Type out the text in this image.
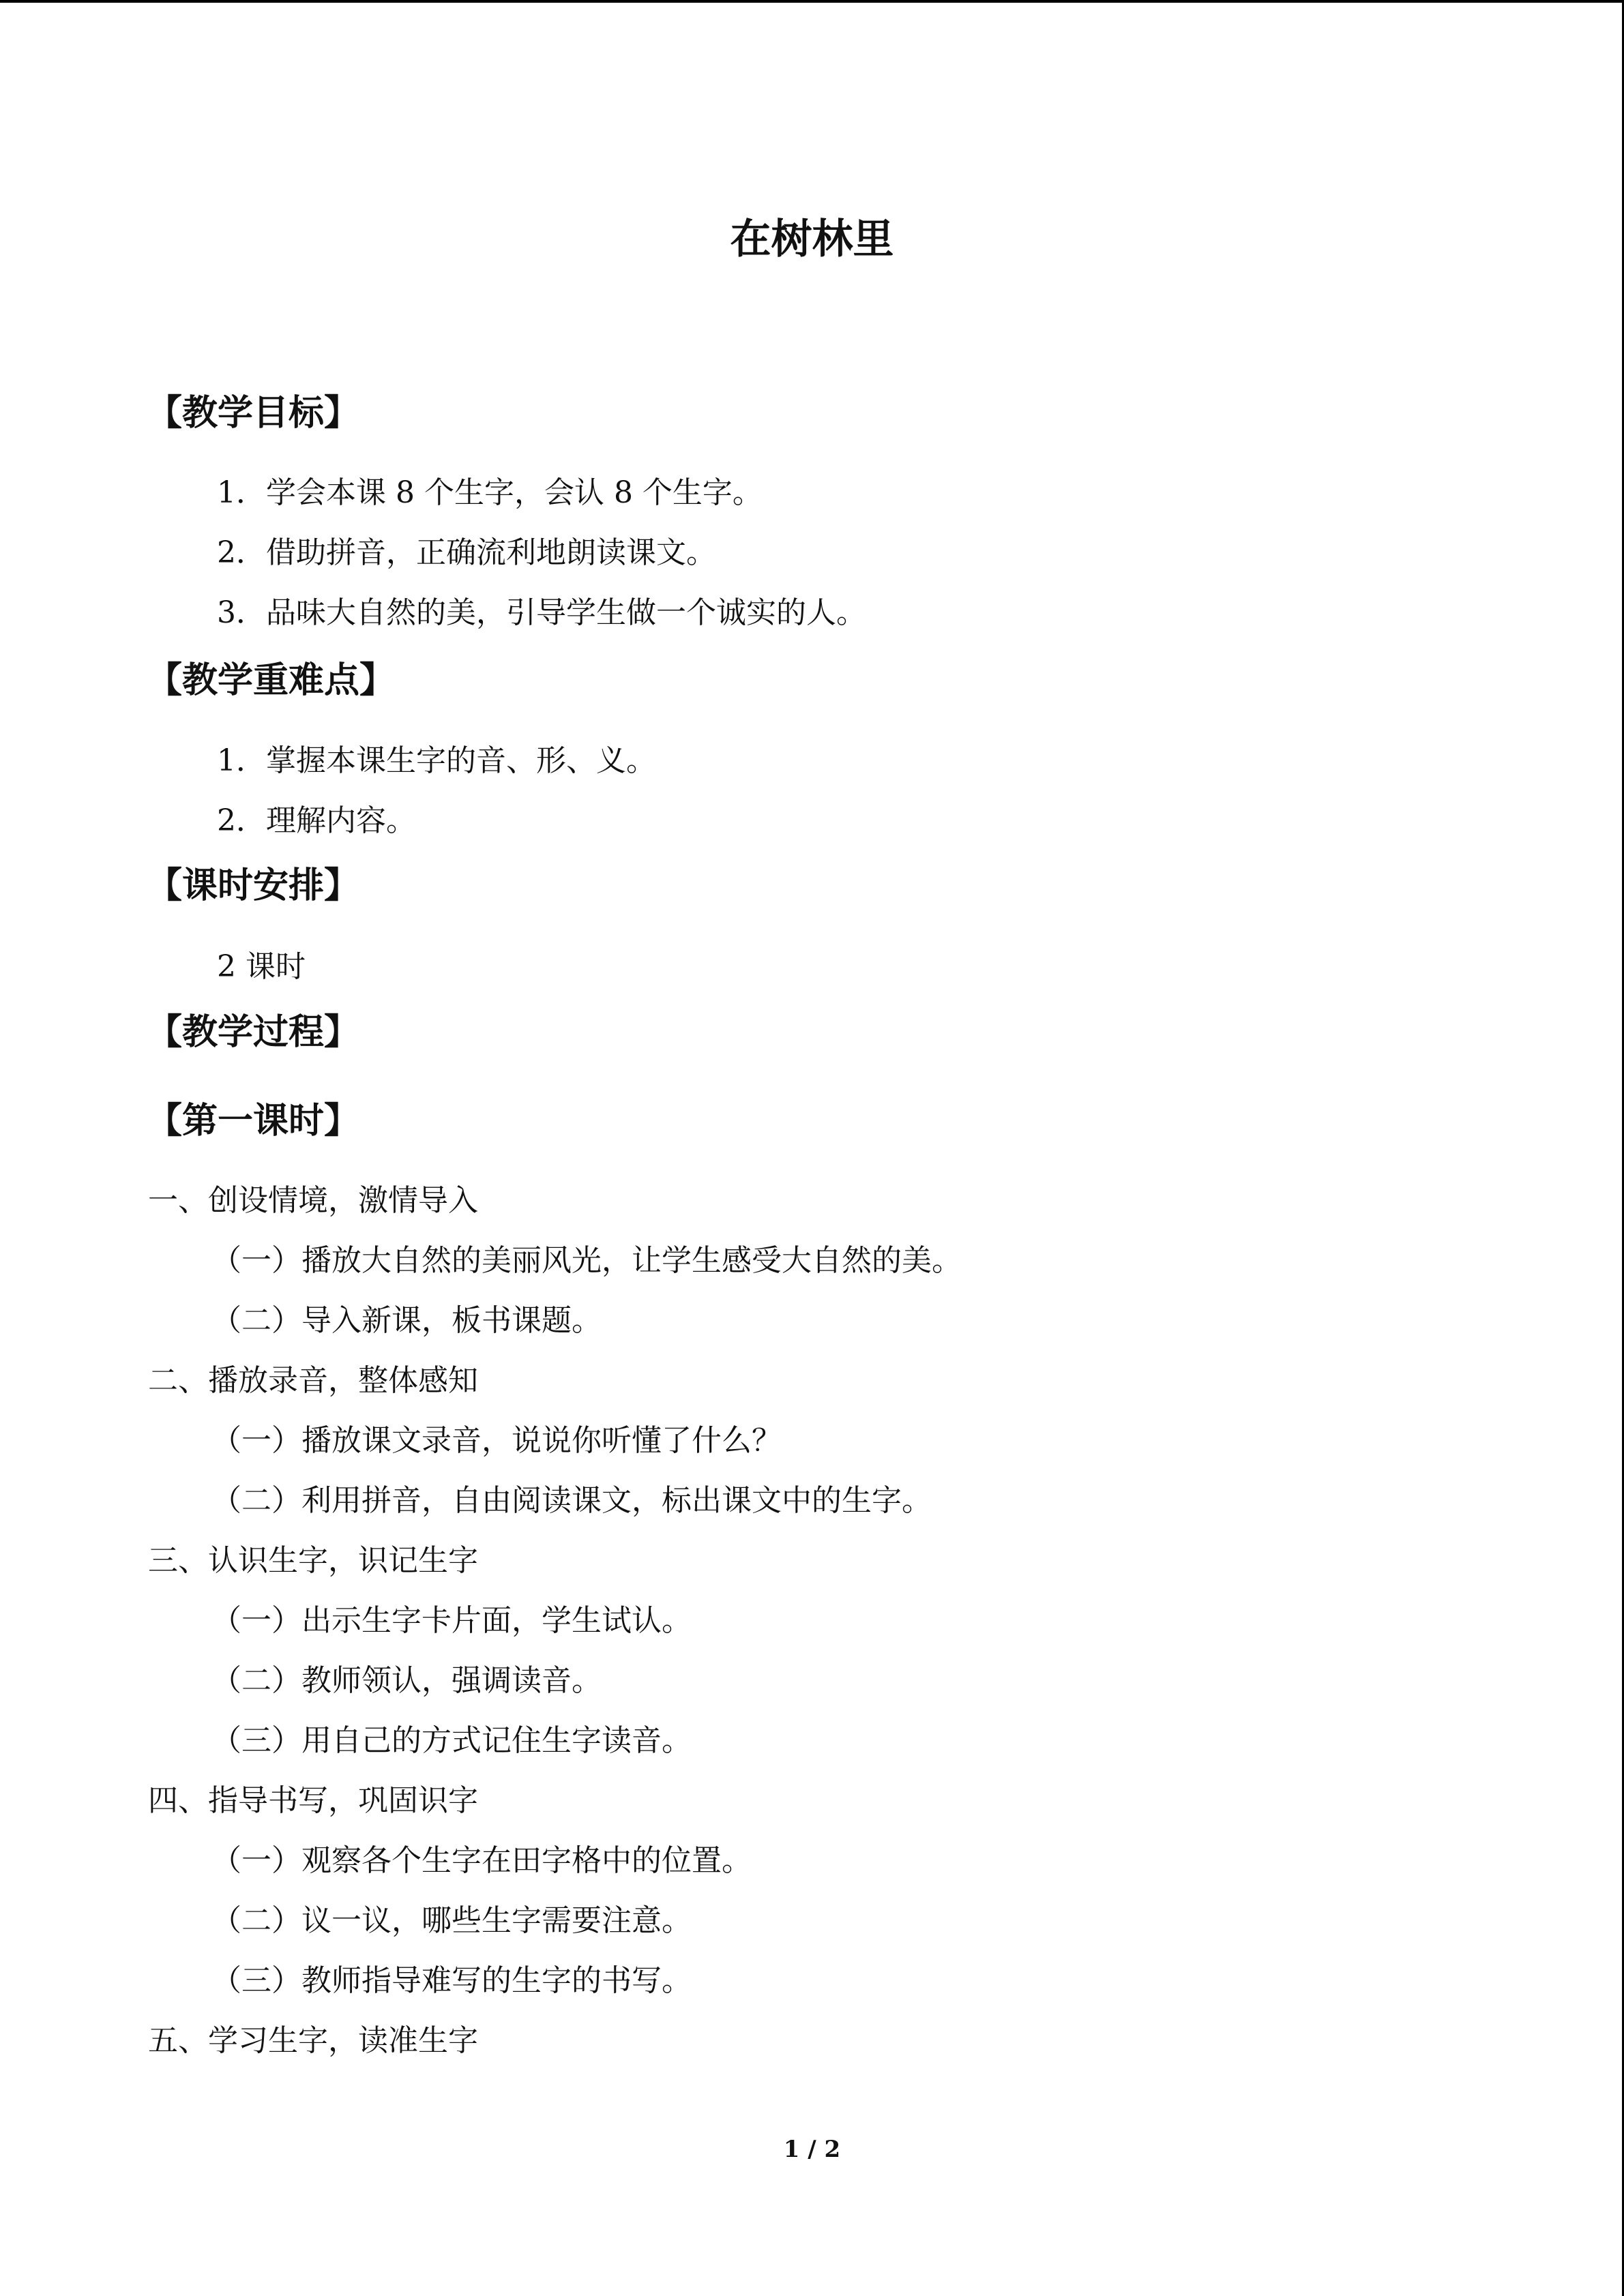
在树林里
【教学目标】
1．学会本课 8 个生字，会认 8 个生字。
2．借助拼音，正确流利地朗读课文。
3．品味大自然的美，引导学生做一个诚实的人。
【教学重难点】
1．掌握本课生字的音、形、义。
2．理解内容。
【课时安排】
2 课时
【教学过程】
【第一课时】
一、创设情境，激情导入
（一）播放大自然的美丽风光，让学生感受大自然的美。
（二）导入新课，板书课题。
二、播放录音，整体感知
（一）播放课文录音，说说你听懂了什么？
（二）利用拼音，自由阅读课文，标出课文中的生字。
三、认识生字，识记生字
（一）出示生字卡片面，学生试认。
（二）教师领认，强调读音。
（三）用自己的方式记住生字读音。
四、指导书写，巩固识字
（一）观察各个生字在田字格中的位置。
（二）议一议，哪些生字需要注意。
（三）教师指导难写的生字的书写。
五、学习生字，读准生字
1 / 2
